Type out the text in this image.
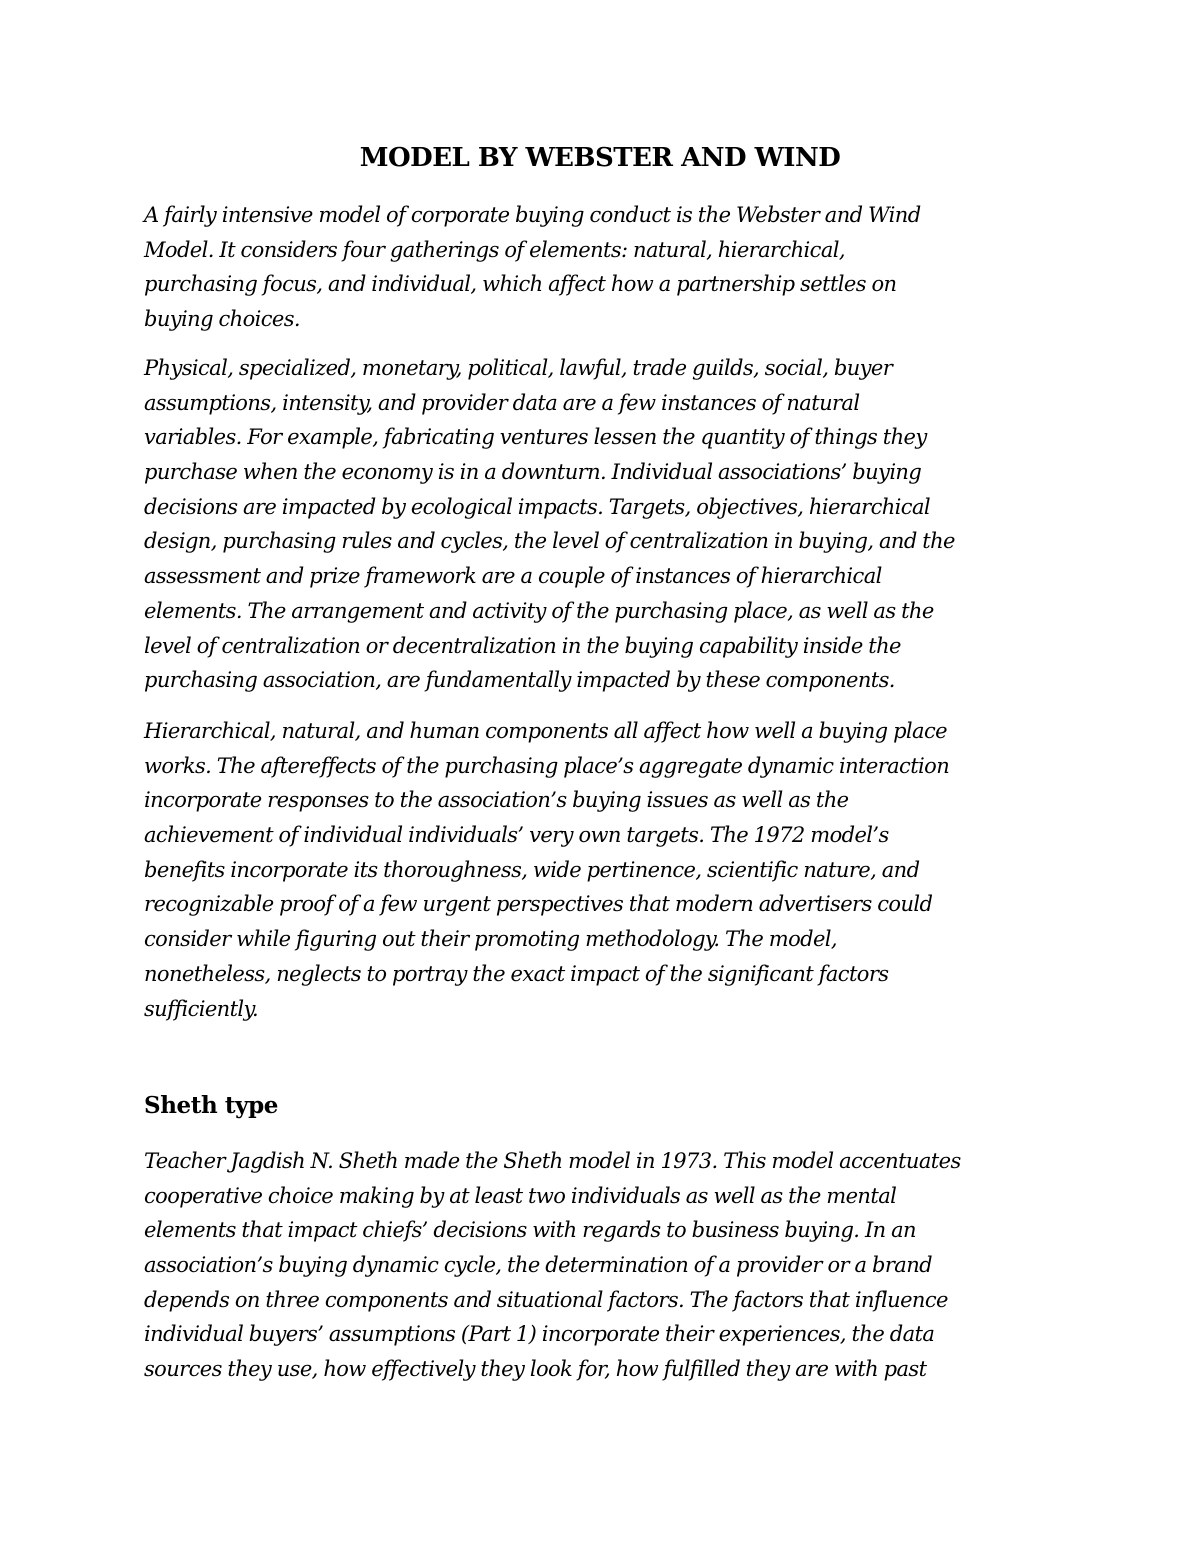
MODEL BY WEBSTER AND WIND

A fairly intensive model of corporate buying conduct is the Webster and Wind
Model. It considers four gatherings of elements: natural, hierarchical,
purchasing focus, and individual, which affect how a partnership settles on
buying choices.

Physical, specialized, monetary, political, lawful, trade guilds, social, buyer
assumptions, intensity, and provider data are a few instances of natural
variables. For example, fabricating ventures lessen the quantity of things they
purchase when the economy is in a downturn. Individual associations’ buying
decisions are impacted by ecological impacts. Targets, objectives, hierarchical
design, purchasing rules and cycles, the level of centralization in buying, and the
assessment and prize framework are a couple of instances of hierarchical
elements. The arrangement and activity of the purchasing place, as well as the
level of centralization or decentralization in the buying capability inside the
purchasing association, are fundamentally impacted by these components.

Hierarchical, natural, and human components all affect how well a buying place
works. The aftereffects of the purchasing place’s aggregate dynamic interaction
incorporate responses to the association’s buying issues as well as the
achievement of individual individuals’ very own targets. The 1972 model’s
benefits incorporate its thoroughness, wide pertinence, scientific nature, and
recognizable proof of a few urgent perspectives that modern advertisers could
consider while figuring out their promoting methodology. The model,
nonetheless, neglects to portray the exact impact of the significant factors
sufficiently.

Sheth type

Teacher Jagdish N. Sheth made the Sheth model in 1973. This model accentuates
cooperative choice making by at least two individuals as well as the mental
elements that impact chiefs’ decisions with regards to business buying. In an
association’s buying dynamic cycle, the determination of a provider or a brand
depends on three components and situational factors. The factors that influence
individual buyers’ assumptions (Part 1) incorporate their experiences, the data
sources they use, how effectively they look for, how fulfilled they are with past
